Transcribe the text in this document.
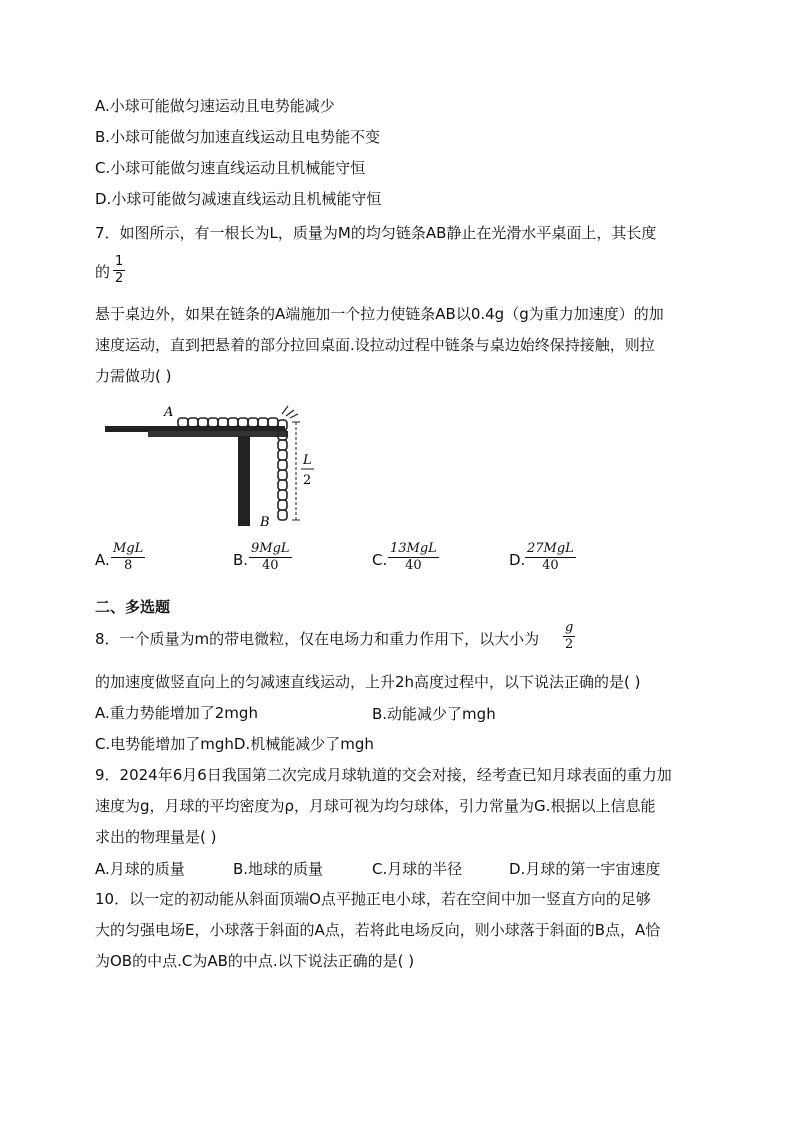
A.小球可能做匀速运动且电势能减少
B.小球可能做匀加速直线运动且电势能不变
C.小球可能做匀速直线运动且机械能守恒
D.小球可能做匀减速直线运动且机械能守恒
7．如图所示，有一根长为L，质量为M的均匀链条AB静止在光滑水平桌面上，其长度
的
1
2
悬于桌边外，如果在链条的A端施加一个拉力使链条AB以0.4g（g为重力加速度）的加
速度运动，直到把悬着的部分拉回桌面.设拉动过程中链条与桌边始终保持接触，则拉
力需做功( )
A
B
L
2
A.
MgL
8	B.
9MgL
40	C.
13MgL
40	D.
27MgL
40
二、多选题
8．一个质量为m的带电微粒，仅在电场力和重力作用下，以大小为
g
2
的加速度做竖直向上的匀减速直线运动，上升2h高度过程中，以下说法正确的是( )
A.重力势能增加了2mgh	B.动能减少了mgh
C.电势能增加了mghD.机械能减少了mgh
9．2024年6月6日我国第二次完成月球轨道的交会对接，经考查已知月球表面的重力加
速度为g，月球的平均密度为ρ，月球可视为均匀球体，引力常量为G.根据以上信息能
求出的物理量是( )
A.月球的质量	B.地球的质量	C.月球的半径	D.月球的第一宇宙速度
10．以一定的初动能从斜面顶端O点平抛正电小球，若在空间中加一竖直方向的足够
大的匀强电场E，小球落于斜面的A点，若将此电场反向，则小球落于斜面的B点，A恰
为OB的中点.C为AB的中点.以下说法正确的是( )
